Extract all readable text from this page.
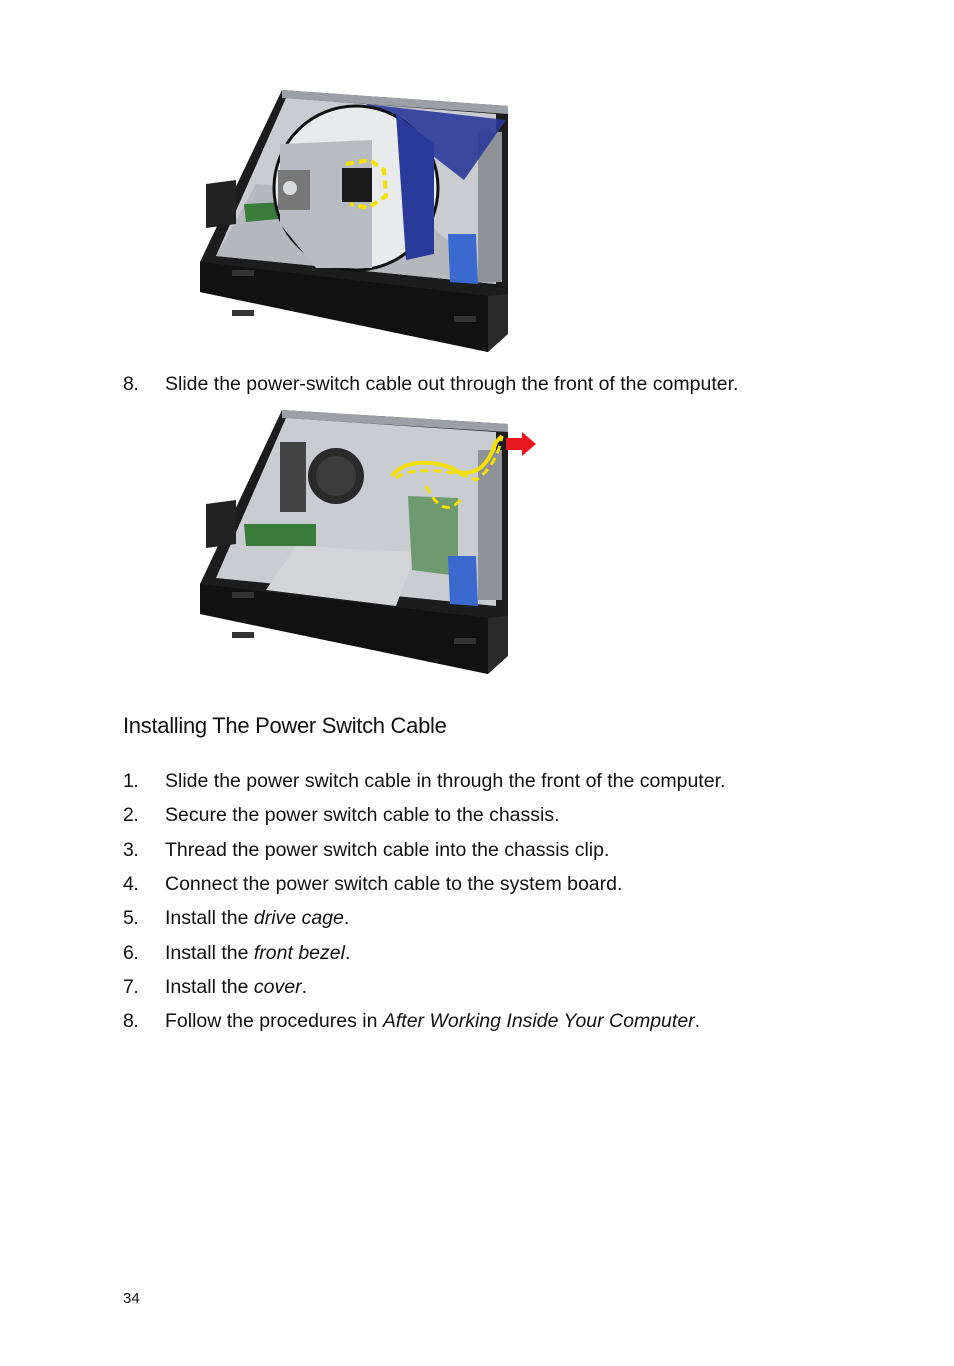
8. Slide the power-switch cable out through the front of the computer.
Installing The Power Switch Cable
1. Slide the power switch cable in through the front of the computer.
2. Secure the power switch cable to the chassis.
3. Thread the power switch cable into the chassis clip.
4. Connect the power switch cable to the system board.
5. Install the drive cage.
6. Install the front bezel.
7. Install the cover.
8. Follow the procedures in After Working Inside Your Computer.
34
